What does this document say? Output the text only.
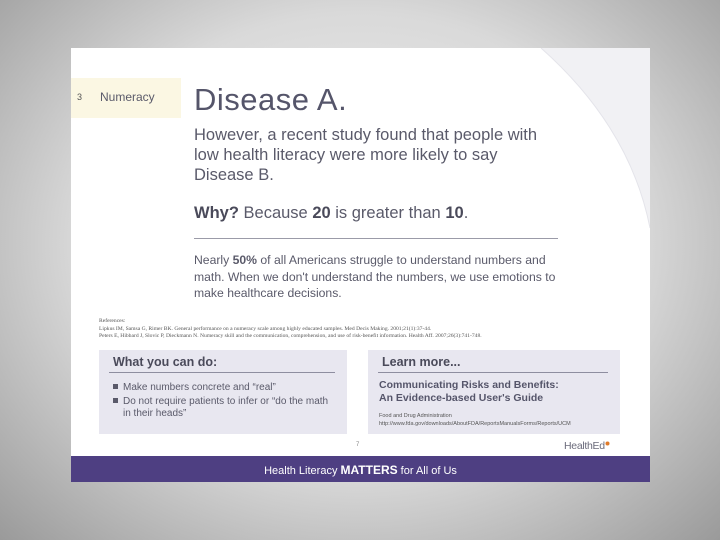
3 Numeracy Disease A.
However, a recent study found that people with low health literacy were more likely to say Disease B.
Why? Because 20 is greater than 10.
Nearly 50% of all Americans struggle to understand numbers and math. When we don't understand the numbers, we use emotions to make healthcare decisions.
References:
Lipkus IM, Samsa G, Rimer BK. General performance on a numeracy scale among highly educated samples. Med Decis Making. 2001;21(1):37-44.
Peters E, Hibbard J, Slovic P, Dieckmann N. Numeracy skill and the communication, comprehension, and use of risk-benefit information. Health Aff. 2007;26(3):741-748.
What you can do:
Make numbers concrete and “real”
Do not require patients to infer or “do the math in their heads”
Learn more...
Communicating Risks and Benefits:
An Evidence-based User's Guide
Food and Drug Administration
http://www.fda.gov/downloads/AboutFDA/ReportsManualsForms/Reports/UCM
7	HealthEd
Health Literacy MATTERS for All of Us
